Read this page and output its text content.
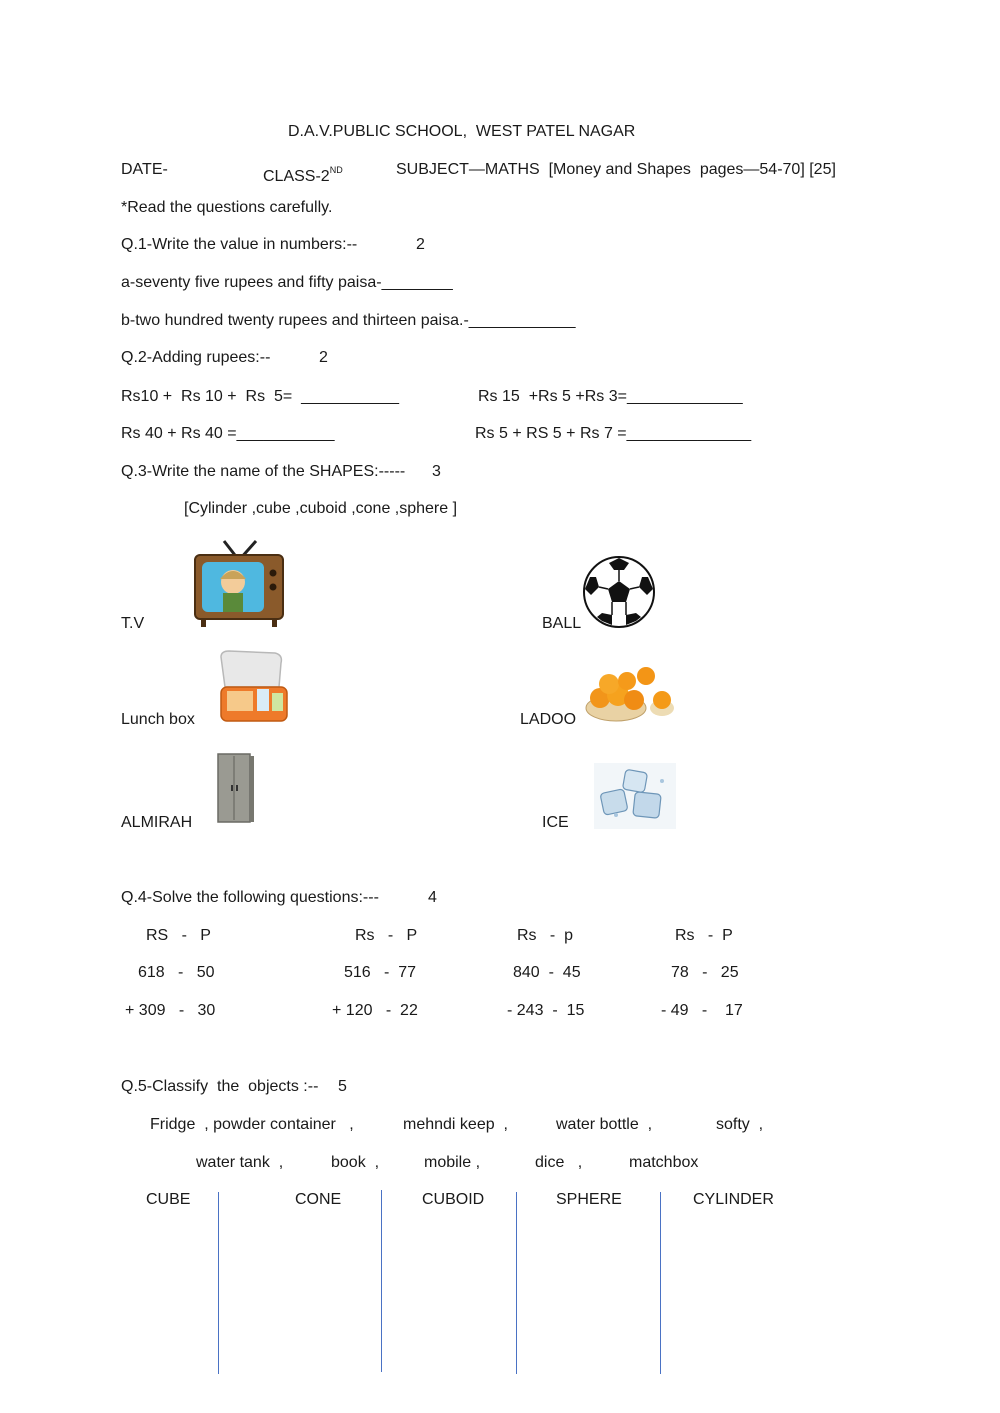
D.A.V.PUBLIC SCHOOL,  WEST PATEL NAGAR
DATE-	CLASS-2ND	SUBJECT—MATHS  [Money and Shapes  pages—54-70] [25]
*Read the questions carefully.
Q.1-Write the value in numbers:--	2
a-seventy five rupees and fifty paisa-________
b-two hundred twenty rupees and thirteen paisa.-____________
Q.2-Adding rupees:--	2
Rs10 +  Rs 10 +  Rs  5=  ___________	Rs 15  +Rs 5 +Rs 3=_____________
Rs 40 + Rs 40 =___________	Rs 5 + RS 5 + Rs 7 =______________
Q.3-Write the name of the SHAPES:----- 3
[Cylinder ,cube ,cuboid ,cone ,sphere ]
T.V	BALL
Lunch box	LADOO
ALMIRAH	ICE
Q.4-Solve the following questions:---	4
RS   -   P	Rs   -   P	Rs   -  p	Rs   -  P
618   -   50	516   -  77	840  -  45	78   -   25
+ 309   -   30	+ 120   -  22	- 243  -  15	- 49   -    17
Q.5-Classify  the  objects :-- 5
Fridge  , powder container   ,	mehndi keep  ,	water bottle  ,	softy  ,
water tank  ,	book  ,	mobile ,	dice   ,	matchbox
CUBE	CONE	CUBOID	SPHERE	CYLINDER
